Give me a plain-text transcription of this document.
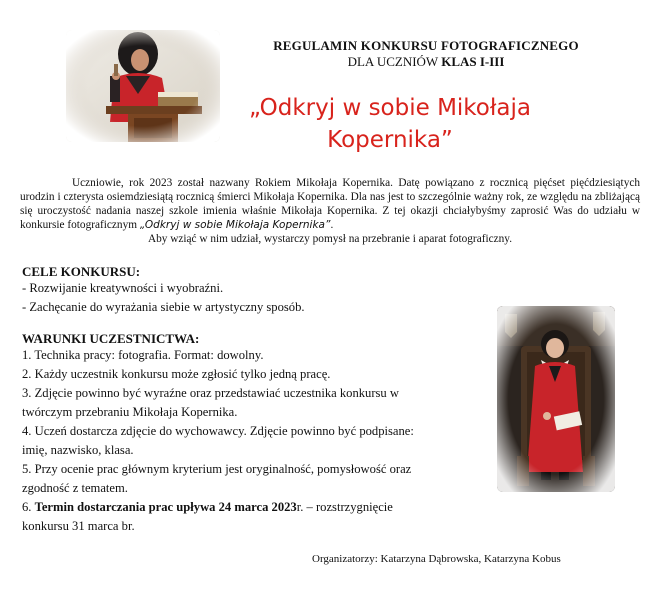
REGULAMIN KONKURSU FOTOGRAFICZNEGO
DLA UCZNIÓW KLAS I-III
„Odkryj w sobie Mikołaja
Kopernika”

Uczniowie, rok 2023 został nazwany Rokiem Mikołaja Kopernika. Datę powiązano z rocznicą pięćset pięćdziesiątych urodzin i czterysta osiemdziesiątą rocznicą śmierci Mikołaja Kopernika. Dla nas jest to szczególnie ważny rok, ze względu na zbliżającą się uroczystość nadania naszej szkole imienia właśnie Mikołaja Kopernika. Z tej okazji chciałybyśmy zaprosić Was do udziału w konkursie fotograficznym „Odkryj w sobie Mikołaja Kopernika”.

Aby wziąć w nim udział, wystarczy pomysł na przebranie i aparat fotograficzny.

CELE KONKURSU:
- Rozwijanie kreatywności i wyobraźni.
- Zachęcanie do wyrażania siebie w artystyczny sposób.
WARUNKI UCZESTNICTWA:
1. Technika pracy: fotografia. Format: dowolny.
2. Każdy uczestnik konkursu może zgłosić tylko jedną pracę.
3. Zdjęcie powinno być wyraźne oraz przedstawiać uczestnika konkursu w
twórczym przebraniu Mikołaja Kopernika.
4. Uczeń dostarcza zdjęcie do wychowawcy. Zdjęcie powinno być podpisane:
imię, nazwisko, klasa.
5. Przy ocenie prac głównym kryterium jest oryginalność, pomysłowość oraz
zgodność z tematem.
6. Termin dostarczania prac upływa 24 marca 2023r. – rozstrzygnięcie
konkursu 31 marca br.
Organizatorzy: Katarzyna Dąbrowska, Katarzyna Kobus
